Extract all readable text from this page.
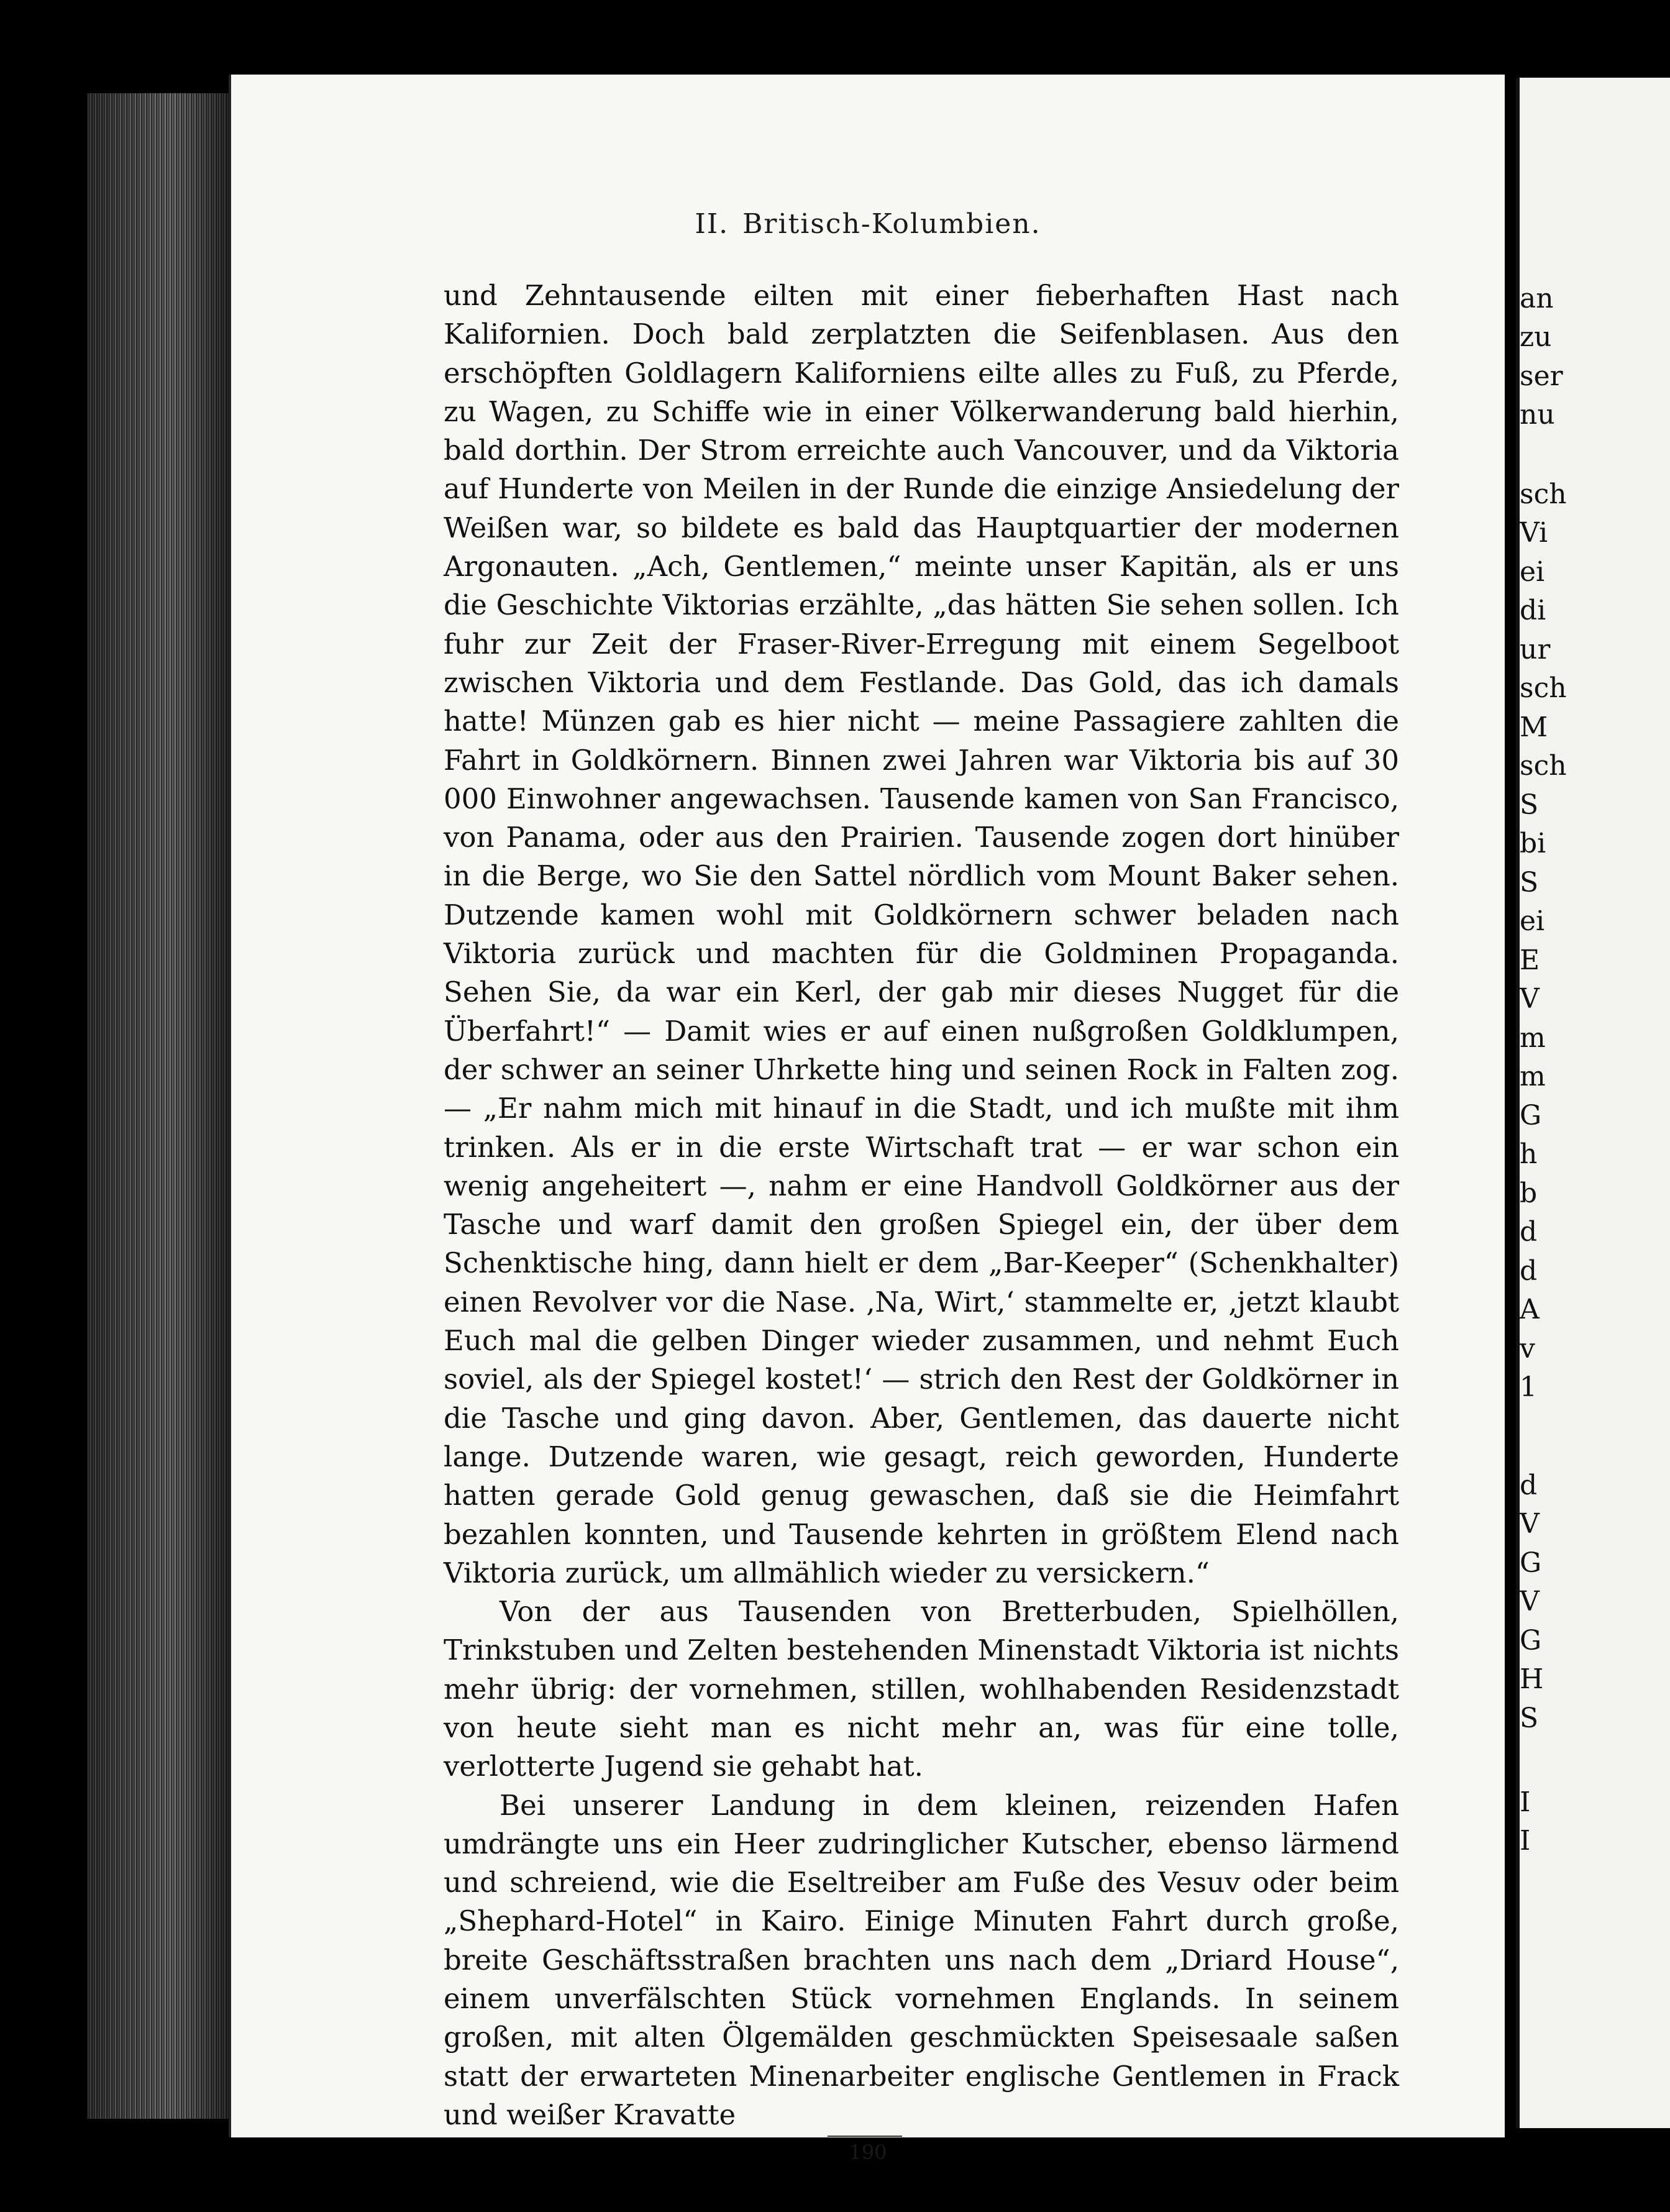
II. Britisch-Kolumbien.

und Zehntausende eilten mit einer fieberhaften Hast nach Kalifornien. Doch bald zerplatzten die Seifenblasen. Aus den erschöpften Goldlagern Kaliforniens eilte alles zu Fuß, zu Pferde, zu Wagen, zu Schiffe wie in einer Völkerwanderung bald hierhin, bald dorthin. Der Strom erreichte auch Vancouver, und da Viktoria auf Hunderte von Meilen in der Runde die einzige Ansiedelung der Weißen war, so bildete es bald das Hauptquartier der modernen Argonauten. „Ach, Gentlemen,“ meinte unser Kapitän, als er uns die Geschichte Viktorias erzählte, „das hätten Sie sehen sollen. Ich fuhr zur Zeit der Fraser-River-Erregung mit einem Segelboot zwischen Viktoria und dem Festlande. Das Gold, das ich damals hatte! Münzen gab es hier nicht — meine Passagiere zahlten die Fahrt in Goldkörnern. Binnen zwei Jahren war Viktoria bis auf 30 000 Einwohner angewachsen. Tausende kamen von San Francisco, von Panama, oder aus den Prairien. Tausende zogen dort hinüber in die Berge, wo Sie den Sattel nördlich vom Mount Baker sehen. Dutzende kamen wohl mit Goldkörnern schwer beladen nach Viktoria zurück und machten für die Goldminen Propaganda. Sehen Sie, da war ein Kerl, der gab mir dieses Nugget für die Überfahrt!“ — Damit wies er auf einen nußgroßen Goldklumpen, der schwer an seiner Uhrkette hing und seinen Rock in Falten zog. — „Er nahm mich mit hinauf in die Stadt, und ich mußte mit ihm trinken. Als er in die erste Wirtschaft trat — er war schon ein wenig angeheitert —, nahm er eine Handvoll Goldkörner aus der Tasche und warf damit den großen Spiegel ein, der über dem Schenktische hing, dann hielt er dem „Bar-Keeper“ (Schenkhalter) einen Revolver vor die Nase. ‚Na, Wirt,‘ stammelte er, ‚jetzt klaubt Euch mal die gelben Dinger wieder zusammen, und nehmt Euch soviel, als der Spiegel kostet!‘ — strich den Rest der Goldkörner in die Tasche und ging davon. Aber, Gentlemen, das dauerte nicht lange. Dutzende waren, wie gesagt, reich geworden, Hunderte hatten gerade Gold genug gewaschen, daß sie die Heimfahrt bezahlen konnten, und Tausende kehrten in größtem Elend nach Viktoria zurück, um allmählich wieder zu versickern.“

Von der aus Tausenden von Bretterbuden, Spielhöllen, Trinkstuben und Zelten bestehenden Minenstadt Viktoria ist nichts mehr übrig: der vornehmen, stillen, wohlhabenden Residenzstadt von heute sieht man es nicht mehr an, was für eine tolle, verlotterte Jugend sie gehabt hat.

Bei unserer Landung in dem kleinen, reizenden Hafen umdrängte uns ein Heer zudringlicher Kutscher, ebenso lärmend und schreiend, wie die Eseltreiber am Fuße des Vesuv oder beim „Shephard-Hotel“ in Kairo. Einige Minuten Fahrt durch große, breite Geschäftsstraßen brachten uns nach dem „Driard House“, einem unverfälschten Stück vornehmen Englands. In seinem großen, mit alten Ölgemälden geschmückten Speisesaale saßen statt der erwarteten Minenarbeiter englische Gentlemen in Frack und weißer Kravatte

190
an
zu
ser
nu
sch
Vi
ei
di
ur
sch
M
sch
S
bi
S
ei
E
V
m
m
G
h
b
d
d
A
v
1
d
V
G
V
G
H
S
I
I
